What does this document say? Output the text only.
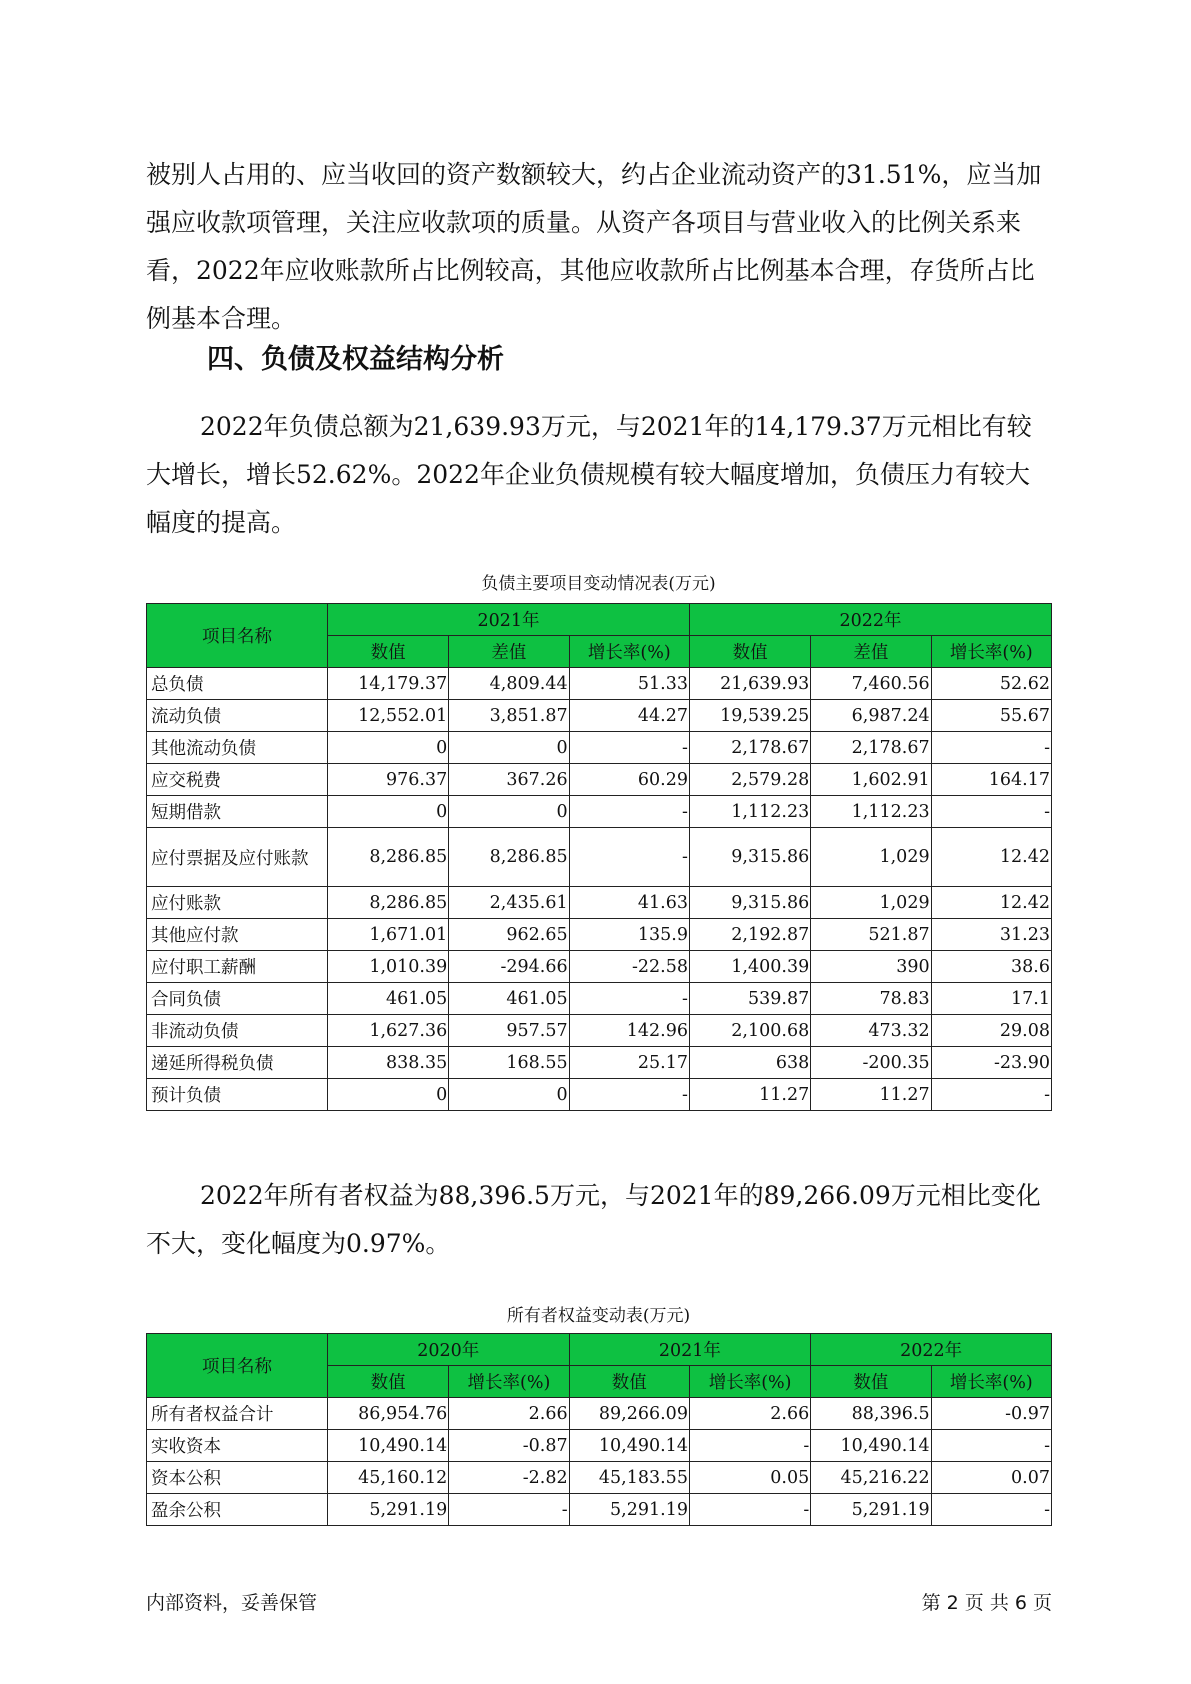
被别人占用的、应当收回的资产数额较大，约占企业流动资产的31.51%，应当加强应收款项管理，关注应收款项的质量。从资产各项目与营业收入的比例关系来看，2022年应收账款所占比例较高，其他应收款所占比例基本合理，存货所占比例基本合理。

四、负债及权益结构分析

2022年负债总额为21,639.93万元，与2021年的14,179.37万元相比有较大增长，增长52.62%。2022年企业负债规模有较大幅度增加，负债压力有较大幅度的提高。

负债主要项目变动情况表(万元)
项目名称	2021年			2022年		
	数值	差值	增长率(%)	数值	差值	增长率(%)
总负债	14,179.37	4,809.44	51.33	21,639.93	7,460.56	52.62
流动负债	12,552.01	3,851.87	44.27	19,539.25	6,987.24	55.67
其他流动负债	0	0	-	2,178.67	2,178.67	-
应交税费	976.37	367.26	60.29	2,579.28	1,602.91	164.17
短期借款	0	0	-	1,112.23	1,112.23	-
应付票据及应付账款	8,286.85	8,286.85	-	9,315.86	1,029	12.42
应付账款	8,286.85	2,435.61	41.63	9,315.86	1,029	12.42
其他应付款	1,671.01	962.65	135.9	2,192.87	521.87	31.23
应付职工薪酬	1,010.39	-294.66	-22.58	1,400.39	390	38.6
合同负债	461.05	461.05	-	539.87	78.83	17.1
非流动负债	1,627.36	957.57	142.96	2,100.68	473.32	29.08
递延所得税负债	838.35	168.55	25.17	638	-200.35	-23.90
预计负债	0	0	-	11.27	11.27	-

2022年所有者权益为88,396.5万元，与2021年的89,266.09万元相比变化不大，变化幅度为0.97%。

所有者权益变动表(万元)
项目名称	2020年		2021年		2022年	
	数值	增长率(%)	数值	增长率(%)	数值	增长率(%)
所有者权益合计	86,954.76	2.66	89,266.09	2.66	88,396.5	-0.97
实收资本	10,490.14	-0.87	10,490.14	-	10,490.14	-
资本公积	45,160.12	-2.82	45,183.55	0.05	45,216.22	0.07
盈余公积	5,291.19	-	5,291.19	-	5,291.19	-
内部资料，妥善保管	第 2 页 共 6 页
